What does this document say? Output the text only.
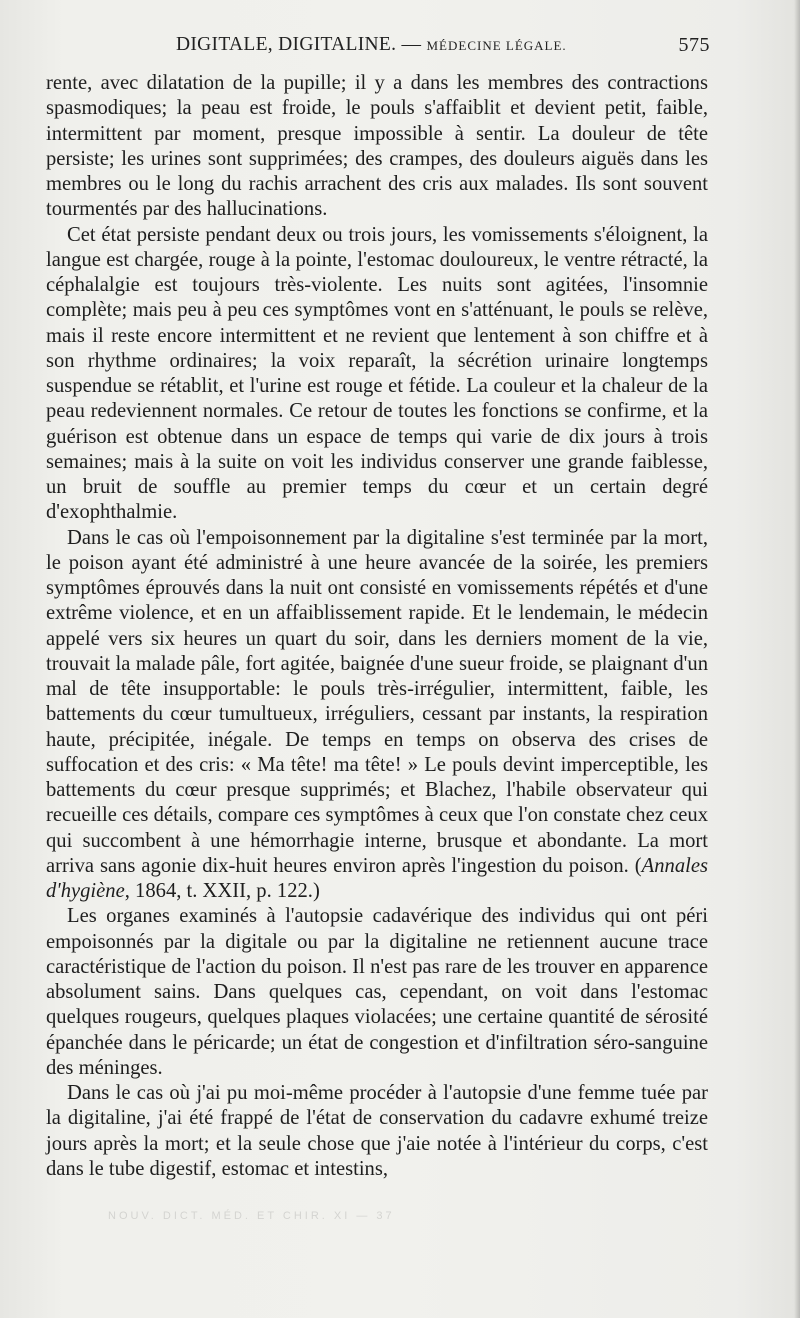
DIGITALE, DIGITALINE. — MÉDECINE LÉGALE.	575

rente, avec dilatation de la pupille; il y a dans les membres des contractions spasmodiques; la peau est froide, le pouls s'affaiblit et devient petit, faible, intermittent par moment, presque impossible à sentir. La douleur de tête persiste; les urines sont supprimées; des crampes, des douleurs aiguës dans les membres ou le long du rachis arrachent des cris aux malades. Ils sont souvent tourmentés par des hallucinations.

Cet état persiste pendant deux ou trois jours, les vomissements s'éloignent, la langue est chargée, rouge à la pointe, l'estomac douloureux, le ventre rétracté, la céphalalgie est toujours très-violente. Les nuits sont agitées, l'insomnie complète; mais peu à peu ces symptômes vont en s'atténuant, le pouls se relève, mais il reste encore intermittent et ne revient que lentement à son chiffre et à son rhythme ordinaires; la voix reparaît, la sécrétion urinaire longtemps suspendue se rétablit, et l'urine est rouge et fétide. La couleur et la chaleur de la peau redeviennent normales. Ce retour de toutes les fonctions se confirme, et la guérison est obtenue dans un espace de temps qui varie de dix jours à trois semaines; mais à la suite on voit les individus conserver une grande faiblesse, un bruit de souffle au premier temps du cœur et un certain degré d'exophthalmie.

Dans le cas où l'empoisonnement par la digitaline s'est terminée par la mort, le poison ayant été administré à une heure avancée de la soirée, les premiers symptômes éprouvés dans la nuit ont consisté en vomissements répétés et d'une extrême violence, et en un affaiblissement rapide. Et le lendemain, le médecin appelé vers six heures un quart du soir, dans les derniers moment de la vie, trouvait la malade pâle, fort agitée, baignée d'une sueur froide, se plaignant d'un mal de tête insupportable: le pouls très-irrégulier, intermittent, faible, les battements du cœur tumultueux, irréguliers, cessant par instants, la respiration haute, précipitée, inégale. De temps en temps on observa des crises de suffocation et des cris: « Ma tête! ma tête! » Le pouls devint imperceptible, les battements du cœur presque supprimés; et Blachez, l'habile observateur qui recueille ces détails, compare ces symptômes à ceux que l'on constate chez ceux qui succombent à une hémorrhagie interne, brusque et abondante. La mort arriva sans agonie dix-huit heures environ après l'ingestion du poison. (Annales d'hygiène, 1864, t. XXII, p. 122.)

Les organes examinés à l'autopsie cadavérique des individus qui ont péri empoisonnés par la digitale ou par la digitaline ne retiennent aucune trace caractéristique de l'action du poison. Il n'est pas rare de les trouver en apparence absolument sains. Dans quelques cas, cependant, on voit dans l'estomac quelques rougeurs, quelques plaques violacées; une certaine quantité de sérosité épanchée dans le péricarde; un état de congestion et d'infiltration séro-sanguine des méninges.

Dans le cas où j'ai pu moi-même procéder à l'autopsie d'une femme tuée par la digitaline, j'ai été frappé de l'état de conservation du cadavre exhumé treize jours après la mort; et la seule chose que j'aie notée à l'intérieur du corps, c'est dans le tube digestif, estomac et intestins,

NOUV. DICT. MÉD. ET CHIR. XI — 37
